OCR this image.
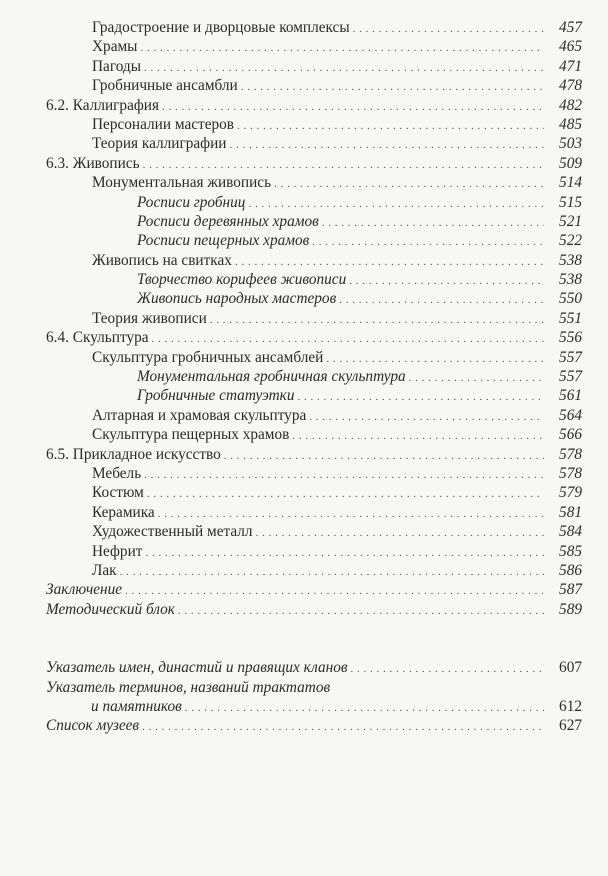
Градостроение и дворцовые комплексы . . .	457
Храмы . . .	465
Пагоды . . .	471
Гробничные ансамбли . . .	478
6.2. Каллиграфия . . .	482
Персоналии мастеров . . .	485
Теория каллиграфии . . .	503
6.3. Живопись . . .	509
Монументальная живопись . . .	514
Росписи гробниц . . .	515
Росписи деревянных храмов . . .	521
Росписи пещерных храмов . . .	522
Живопись на свитках . . .	538
Творчество корифеев живописи . . .	538
Живопись народных мастеров . . .	550
Теория живописи . . .	551
6.4. Скульптура . . .	556
Скульптура гробничных ансамблей . . .	557
Монументальная гробничная скульптура . . .	557
Гробничные статуэтки . . .	561
Алтарная и храмовая скульптура . . .	564
Скульптура пещерных храмов . . .	566
6.5. Прикладное искусство . . .	578
Мебель . . .	578
Костюм . . .	579
Керамика . . .	581
Художественный металл . . .	584
Нефрит . . .	585
Лак . . .	586
Заключение . . .	587
Методический блок . . .	589
Указатель имен, династий и правящих кланов . . .	607
Указатель терминов, названий трактатов
и памятников . . .	612
Список музеев . . .	627
